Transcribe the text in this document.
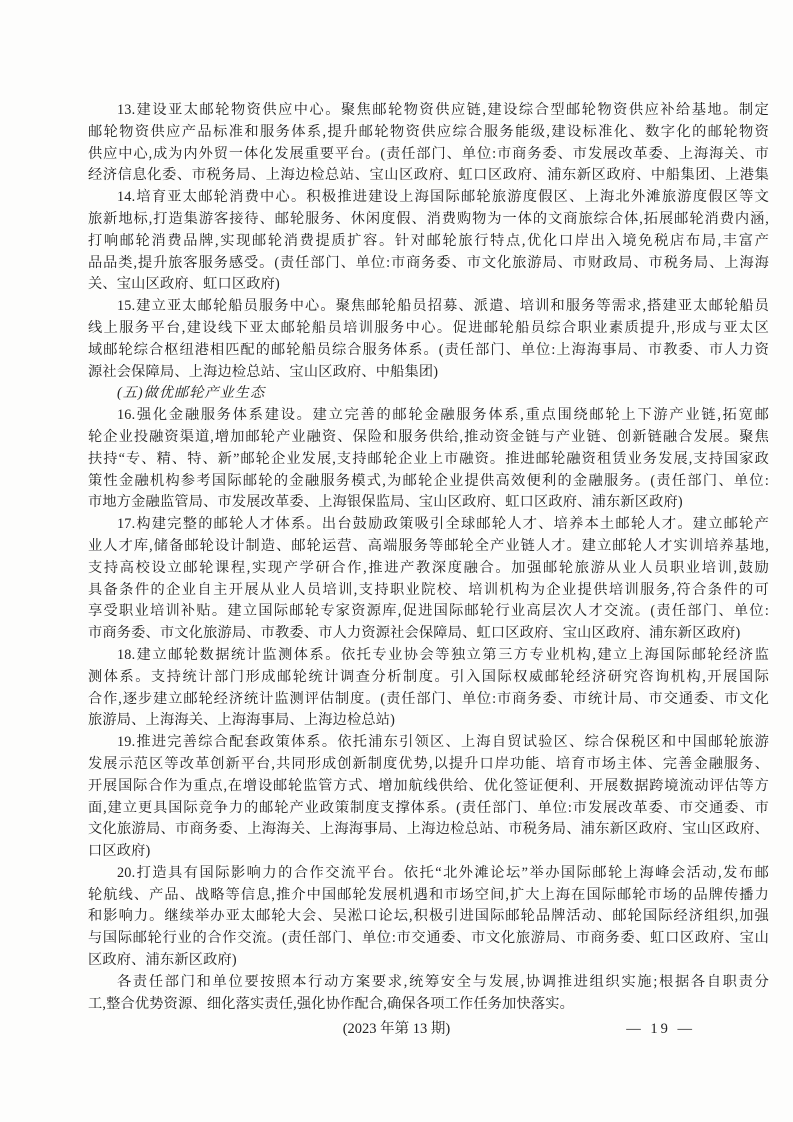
13.建设亚太邮轮物资供应中心。聚焦邮轮物资供应链,建设综合型邮轮物资供应补给基地。制定
邮轮物资供应产品标准和服务体系,提升邮轮物资供应综合服务能级,建设标准化、数字化的邮轮物资
供应中心,成为内外贸一体化发展重要平台。(责任部门、单位:市商务委、市发展改革委、上海海关、市
经济信息化委、市税务局、上海边检总站、宝山区政府、虹口区政府、浦东新区政府、中船集团、上港集
14.培育亚太邮轮消费中心。积极推进建设上海国际邮轮旅游度假区、上海北外滩旅游度假区等文
旅新地标,打造集游客接待、邮轮服务、休闲度假、消费购物为一体的文商旅综合体,拓展邮轮消费内涵,
打响邮轮消费品牌,实现邮轮消费提质扩容。针对邮轮旅行特点,优化口岸出入境免税店布局,丰富产
品品类,提升旅客服务感受。(责任部门、单位:市商务委、市文化旅游局、市财政局、市税务局、上海海
关、宝山区政府、虹口区政府)
15.建立亚太邮轮船员服务中心。聚焦邮轮船员招募、派遣、培训和服务等需求,搭建亚太邮轮船员
线上服务平台,建设线下亚太邮轮船员培训服务中心。促进邮轮船员综合职业素质提升,形成与亚太区
域邮轮综合枢纽港相匹配的邮轮船员综合服务体系。(责任部门、单位:上海海事局、市教委、市人力资
源社会保障局、上海边检总站、宝山区政府、中船集团)
(五)做优邮轮产业生态
16.强化金融服务体系建设。建立完善的邮轮金融服务体系,重点围绕邮轮上下游产业链,拓宽邮
轮企业投融资渠道,增加邮轮产业融资、保险和服务供给,推动资金链与产业链、创新链融合发展。聚焦
扶持“专、精、特、新”邮轮企业发展,支持邮轮企业上市融资。推进邮轮融资租赁业务发展,支持国家政
策性金融机构参考国际邮轮的金融服务模式,为邮轮企业提供高效便利的金融服务。(责任部门、单位:
市地方金融监管局、市发展改革委、上海银保监局、宝山区政府、虹口区政府、浦东新区政府)
17.构建完整的邮轮人才体系。出台鼓励政策吸引全球邮轮人才、培养本土邮轮人才。建立邮轮产
业人才库,储备邮轮设计制造、邮轮运营、高端服务等邮轮全产业链人才。建立邮轮人才实训培养基地,
支持高校设立邮轮课程,实现产学研合作,推进产教深度融合。加强邮轮旅游从业人员职业培训,鼓励
具备条件的企业自主开展从业人员培训,支持职业院校、培训机构为企业提供培训服务,符合条件的可
享受职业培训补贴。建立国际邮轮专家资源库,促进国际邮轮行业高层次人才交流。(责任部门、单位:
市商务委、市文化旅游局、市教委、市人力资源社会保障局、虹口区政府、宝山区政府、浦东新区政府)
18.建立邮轮数据统计监测体系。依托专业协会等独立第三方专业机构,建立上海国际邮轮经济监
测体系。支持统计部门形成邮轮统计调查分析制度。引入国际权威邮轮经济研究咨询机构,开展国际
合作,逐步建立邮轮经济统计监测评估制度。(责任部门、单位:市商务委、市统计局、市交通委、市文化
旅游局、上海海关、上海海事局、上海边检总站)
19.推进完善综合配套政策体系。依托浦东引领区、上海自贸试验区、综合保税区和中国邮轮旅游
发展示范区等改革创新平台,共同形成创新制度优势,以提升口岸功能、培育市场主体、完善金融服务、
开展国际合作为重点,在增设邮轮监管方式、增加航线供给、优化签证便利、开展数据跨境流动评估等方
面,建立更具国际竞争力的邮轮产业政策制度支撑体系。(责任部门、单位:市发展改革委、市交通委、市
文化旅游局、市商务委、上海海关、上海海事局、上海边检总站、市税务局、浦东新区政府、宝山区政府、
口区政府)
20.打造具有国际影响力的合作交流平台。依托“北外滩论坛”举办国际邮轮上海峰会活动,发布邮
轮航线、产品、战略等信息,推介中国邮轮发展机遇和市场空间,扩大上海在国际邮轮市场的品牌传播力
和影响力。继续举办亚太邮轮大会、吴淞口论坛,积极引进国际邮轮品牌活动、邮轮国际经济组织,加强
与国际邮轮行业的合作交流。(责任部门、单位:市交通委、市文化旅游局、市商务委、虹口区政府、宝山
区政府、浦东新区政府)
各责任部门和单位要按照本行动方案要求,统筹安全与发展,协调推进组织实施;根据各自职责分
工,整合优势资源、细化落实责任,强化协作配合,确保各项工作任务加快落实。
(2023 年第 13 期)	— 19 —
